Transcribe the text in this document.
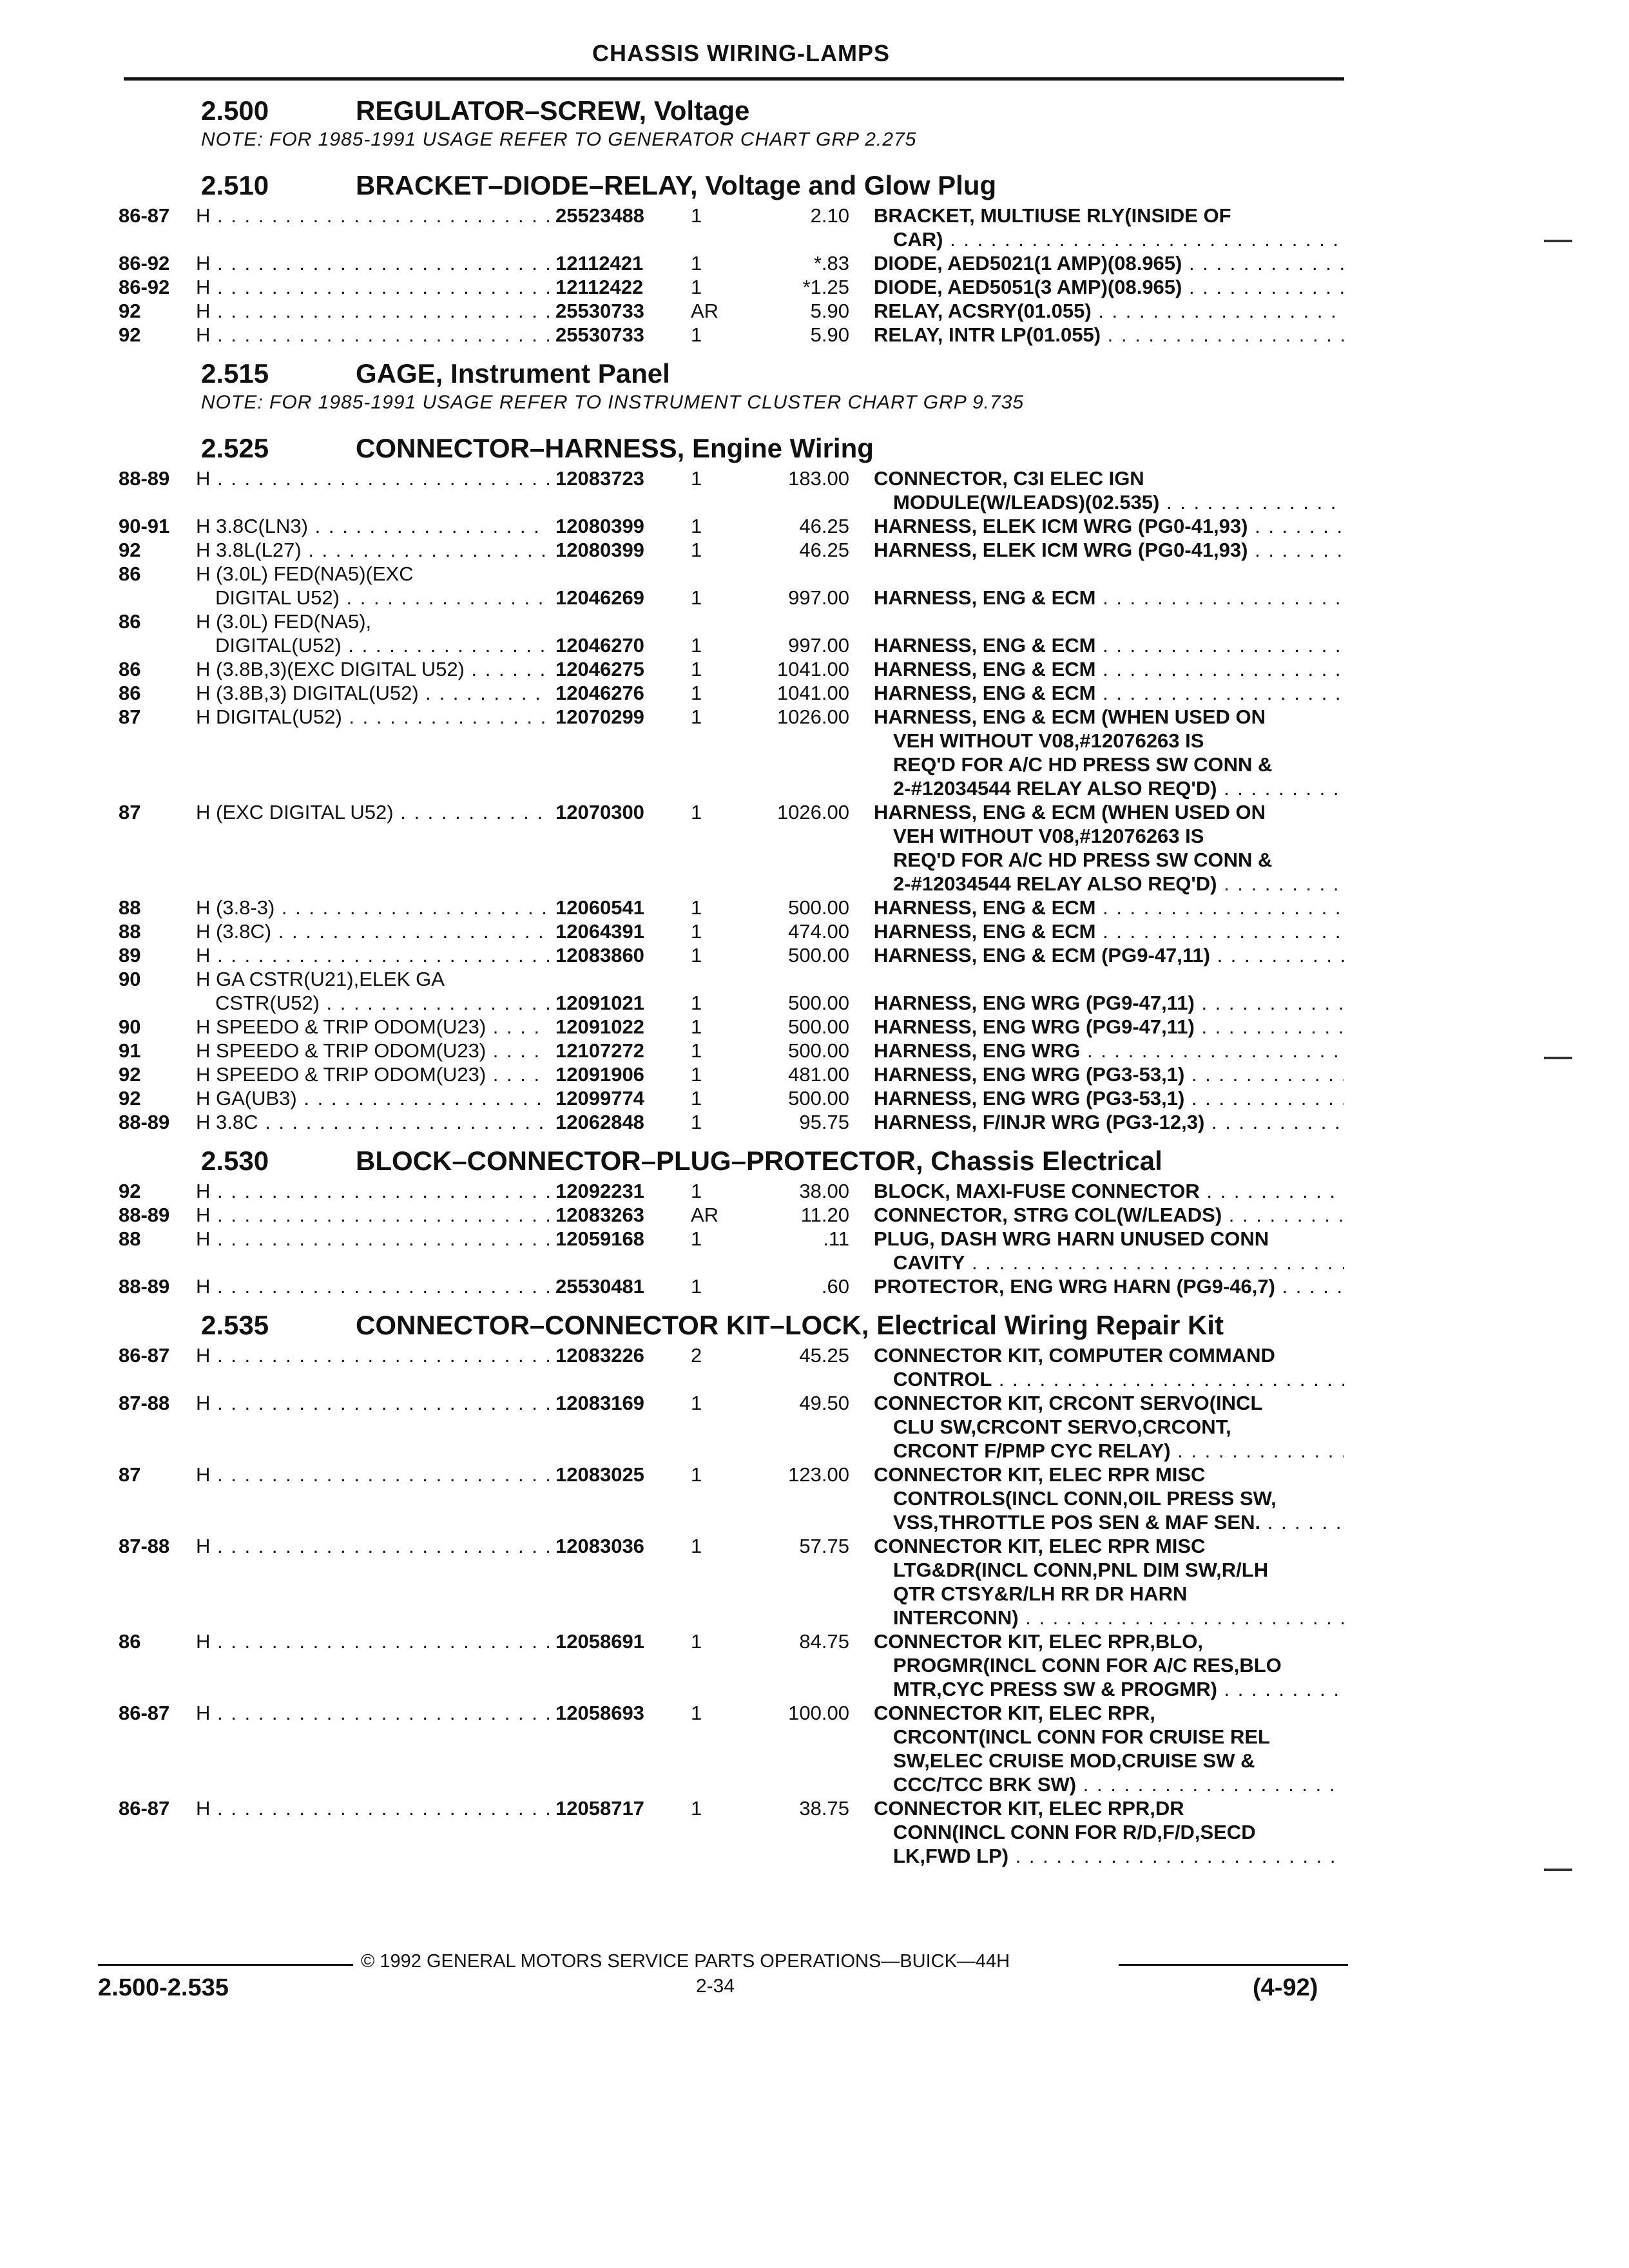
CHASSIS WIRING-LAMPS
2.500	REGULATOR–SCREW, Voltage
NOTE: FOR 1985-1991 USAGE REFER TO GENERATOR CHART GRP 2.275
2.510	BRACKET–DIODE–RELAY, Voltage and Glow Plug
86-87 H . . .	25523488 1	2.10 BRACKET, MULTIUSE RLY(INSIDE OF
CAR) . . .
86-92 H . . .	12112421 1	*.83 DIODE, AED5021(1 AMP)(08.965) . . .
86-92 H . . .	12112422 1	*1.25 DIODE, AED5051(3 AMP)(08.965) . . .
92	H . . .	25530733 AR	5.90 RELAY, ACSRY(01.055) . . .
92	H . . .	25530733 1	5.90 RELAY, INTR LP(01.055) . . .
2.515	GAGE, Instrument Panel
NOTE: FOR 1985-1991 USAGE REFER TO INSTRUMENT CLUSTER CHART GRP 9.735
2.525	CONNECTOR–HARNESS, Engine Wiring
88-89 H . . .	12083723 1	183.00 CONNECTOR, C3I ELEC IGN
MODULE(W/LEADS)(02.535) . . .
90-91 H 3.8C(LN3) . . .	12080399 1	46.25 HARNESS, ELEK ICM WRG (PG0-41,93) . . .
92	H 3.8L(L27) . . .	12080399 1	46.25 HARNESS, ELEK ICM WRG (PG0-41,93) . . .
86	H (3.0L) FED(NA5)(EXC
DIGITAL U52) . . .	12046269 1	997.00 HARNESS, ENG & ECM . . .
86	H (3.0L) FED(NA5),
DIGITAL(U52) . . .	12046270 1	997.00 HARNESS, ENG & ECM . . .
86	H (3.8B,3)(EXC DIGITAL U52) . . .	12046275 1	1041.00 HARNESS, ENG & ECM . . .
86	H (3.8B,3) DIGITAL(U52) . . .	12046276 1	1041.00 HARNESS, ENG & ECM . . .
87	H DIGITAL(U52) . . .	12070299 1	1026.00 HARNESS, ENG & ECM (WHEN USED ON
VEH WITHOUT V08,#12076263 IS
REQ'D FOR A/C HD PRESS SW CONN &
2-#12034544 RELAY ALSO REQ'D) . . .
87	H (EXC DIGITAL U52) . . .	12070300 1	1026.00 HARNESS, ENG & ECM (WHEN USED ON
VEH WITHOUT V08,#12076263 IS
REQ'D FOR A/C HD PRESS SW CONN &
2-#12034544 RELAY ALSO REQ'D) . . .
88	H (3.8-3) . . .	12060541 1	500.00 HARNESS, ENG & ECM . . .
88	H (3.8C) . . .	12064391 1	474.00 HARNESS, ENG & ECM . . .
89	H . . .	12083860 1	500.00 HARNESS, ENG & ECM (PG9-47,11) . . .
90	H GA CSTR(U21),ELEK GA
CSTR(U52) . . .	12091021 1	500.00 HARNESS, ENG WRG (PG9-47,11) . . .
90	H SPEEDO & TRIP ODOM(U23) . . .	12091022 1	500.00 HARNESS, ENG WRG (PG9-47,11) . . .
91	H SPEEDO & TRIP ODOM(U23) . . .	12107272 1	500.00 HARNESS, ENG WRG . . .
92	H SPEEDO & TRIP ODOM(U23) . . .	12091906 1	481.00 HARNESS, ENG WRG (PG3-53,1) . . .
92	H GA(UB3) . . .	12099774 1	500.00 HARNESS, ENG WRG (PG3-53,1) . . .
88-89 H 3.8C . . .	12062848 1	95.75 HARNESS, F/INJR WRG (PG3-12,3) . . .
2.530	BLOCK–CONNECTOR–PLUG–PROTECTOR, Chassis Electrical
92	H . . .	12092231 1	38.00 BLOCK, MAXI-FUSE CONNECTOR . . .
88-89 H . . .	12083263 AR	11.20 CONNECTOR, STRG COL(W/LEADS) . . .
88	H . . .	12059168 1	.11 PLUG, DASH WRG HARN UNUSED CONN
CAVITY . . .
88-89 H . . .	25530481 1	.60 PROTECTOR, ENG WRG HARN (PG9-46,7) . . .
2.535	CONNECTOR–CONNECTOR KIT–LOCK, Electrical Wiring Repair Kit
86-87 H . . .	12083226 2	45.25 CONNECTOR KIT, COMPUTER COMMAND
CONTROL . . .
87-88 H . . .	12083169 1	49.50 CONNECTOR KIT, CRCONT SERVO(INCL
CLU SW,CRCONT SERVO,CRCONT,
CRCONT F/PMP CYC RELAY) . . .
87	H . . .	12083025 1	123.00 CONNECTOR KIT, ELEC RPR MISC
CONTROLS(INCL CONN,OIL PRESS SW,
VSS,THROTTLE POS SEN & MAF SEN. . . .
87-88 H . . .	12083036 1	57.75 CONNECTOR KIT, ELEC RPR MISC
LTG&DR(INCL CONN,PNL DIM SW,R/LH
QTR CTSY&R/LH RR DR HARN
INTERCONN) . . .
86	H . . .	12058691 1	84.75 CONNECTOR KIT, ELEC RPR,BLO,
PROGMR(INCL CONN FOR A/C RES,BLO
MTR,CYC PRESS SW & PROGMR) . . .
86-87 H . . .	12058693 1	100.00 CONNECTOR KIT, ELEC RPR,
CRCONT(INCL CONN FOR CRUISE REL
SW,ELEC CRUISE MOD,CRUISE SW &
CCC/TCC BRK SW) . . .
86-87 H . . .	12058717 1	38.75 CONNECTOR KIT, ELEC RPR,DR
CONN(INCL CONN FOR R/D,F/D,SECD
LK,FWD LP) . . .
© 1992 GENERAL MOTORS SERVICE PARTS OPERATIONS—BUICK—44H
2.500-2.535	2-34	(4-92)
